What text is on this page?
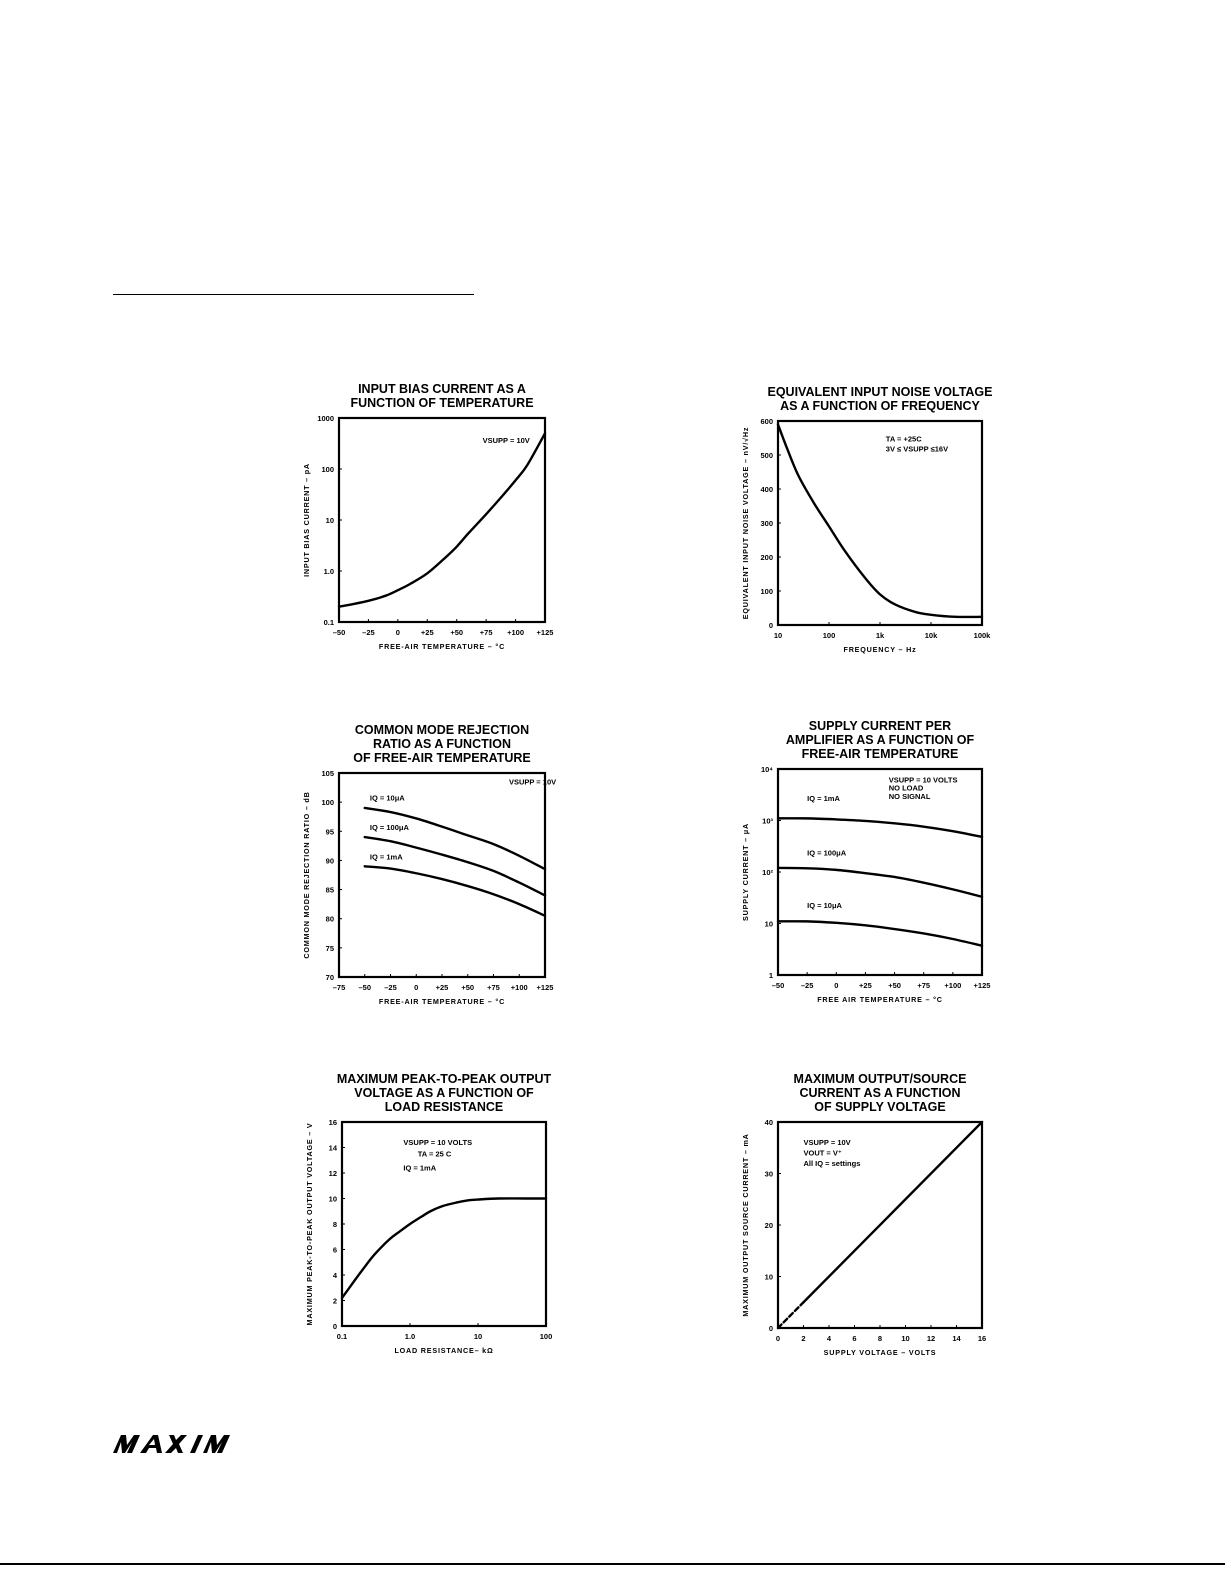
INPUT BIAS CURRENT AS A
FUNCTION OF TEMPERATURE
–50 –25	0	+25 +50 +75 +100 +125
0.1
1.0
10
100
1000
FREE-AIR TEMPERATURE – °C
INPUT BIAS CURRENT – pA
VSUPP = 10V
EQUIVALENT INPUT NOISE VOLTAGE
AS A FUNCTION OF FREQUENCY
10	100	1k	10k	100k
0
100
200
300
400
500
600
FREQUENCY – Hz
EQUIVALENT INPUT NOISE VOLTAGE – nV/√Hz	TA = +25C
3V ≤ VSUPP ≤16V
COMMON MODE REJECTION
RATIO AS A FUNCTION
OF FREE-AIR TEMPERATURE
–75 –50 –25 0 +25 +50 +75 +100 +125
70
75
80
85
90
95
100
105
FREE-AIR TEMPERATURE – °C
COMMON MODE REJECTION RATIO – dB
VSUPP = 10V
IQ = 10μA
IQ = 100μA
IQ = 1mA
SUPPLY CURRENT PER
AMPLIFIER AS A FUNCTION OF
FREE-AIR TEMPERATURE
–50 –25	0	+25 +50 +75 +100 +125
1
10
10²
10³
10⁴
FREE AIR TEMPERATURE – °C
SUPPLY CURRENT – μA
VSUPP = 10 VOLTS
NO LOAD
NO SIGNAL
IQ = 1mA
IQ = 100μA
IQ = 10μA
MAXIMUM PEAK-TO-PEAK OUTPUT
VOLTAGE AS A FUNCTION OF
LOAD RESISTANCE
0.1	1.0	10	100
0
2
4
6
8
10
12
14
16
LOAD RESISTANCE– kΩ
MAXIMUM PEAK-TO-PEAK OUTPUT VOLTAGE – V	VSUPP = 10 VOLTS
TA = 25 C
IQ = 1mA
MAXIMUM OUTPUT/SOURCE
CURRENT AS A FUNCTION
OF SUPPLY VOLTAGE
0	2	4	6	8	10 12 14 16
0
10
20
30
40
SUPPLY VOLTAGE – VOLTS
MAXIMUM OUTPUT SOURCE CURRENT – mA	VSUPP = 10V
VOUT = V⁺
All IQ = settings
